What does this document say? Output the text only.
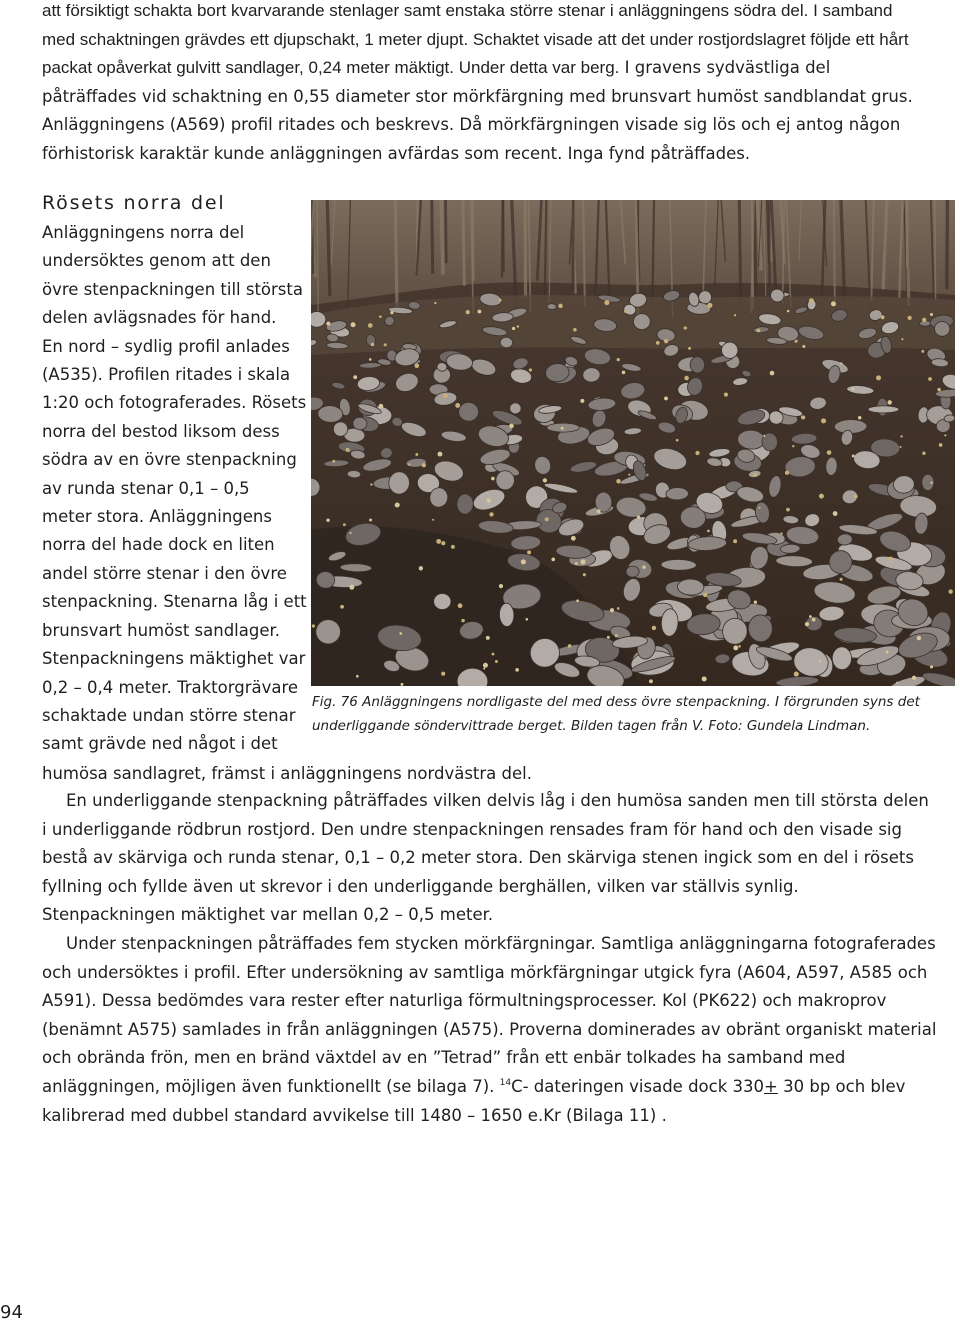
att försiktigt schakta bort kvarvarande stenlager samt enstaka större stenar i anläggningens södra del. I samband med schaktningen grävdes ett djupschakt, 1 meter djupt. Schaktet visade att det under rostjordslagret följde ett hårt packat opåverkat gulvitt sandlager, 0,24 meter mäktigt. Under detta var berg. I gravens sydvästliga del påträffades vid schaktning en 0,55 diameter stor mörkfärgning med brunsvart humöst sandblandat grus. Anläggningens (A569) profil ritades och beskrevs. Då mörkfärgningen visade sig lös och ej antog någon förhistorisk karaktär kunde anläggningen avfärdas som recent. Inga fynd påträffades.

Rösets norra del
Anläggningens norra del
undersöktes genom att den
övre stenpackningen till största
delen avlägsnades för hand.
En nord – sydlig profil anlades
(A535). Profilen ritades i skala
1:20 och fotograferades. Rösets
norra del bestod liksom dess
södra av en övre stenpackning
av runda stenar 0,1 – 0,5
meter stora. Anläggningens
norra del hade dock en liten
andel större stenar i den övre
stenpackning. Stenarna låg i ett
brunsvart humöst sandlager.
Stenpackningens mäktighet var
0,2 – 0,4 meter. Traktorgrävare
schaktade undan större stenar
samt grävde ned något i det
humösa sandlagret, främst i anläggningens nordvästra del.

En underliggande stenpackning påträffades vilken delvis låg i den humösa sanden men till största delen i underliggande rödbrun rostjord. Den undre stenpackningen rensades fram för hand och den visade sig bestå av skärviga och runda stenar, 0,1 – 0,2 meter stora. Den skärviga stenen ingick som en del i rösets fyllning och fyllde även ut skrevor i den underliggande berghällen, vilken var ställvis synlig. Stenpackningen mäktighet var mellan 0,2 – 0,5 meter.

Under stenpackningen påträffades fem stycken mörkfärgningar. Samtliga anläggningarna fotograferades och undersöktes i profil. Efter undersökning av samtliga mörkfärgningar utgick fyra (A604, A597, A585 och A591). Dessa bedömdes vara rester efter naturliga förmultningsprocesser. Kol (PK622) och makroprov (benämnt A575) samlades in från anläggningen (A575). Proverna dominerades av obränt organiskt material och obrända frön, men en bränd växtdel av en ”Tetrad” från ett enbär tolkades ha samband med anläggningen, möjligen även funktionellt (se bilaga 7). $^{14}$C- dateringen visade dock 330+ 30 bp och blev kalibrerad med dubbel standard avvikelse till 1480 – 1650 e.Kr (Bilaga 11) .

Fig. 76 Anläggningens nordligaste del med dess övre stenpackning. I förgrunden syns det underliggande söndervittrade berget. Bilden tagen från V. Foto: Gundela Lindman.

94
